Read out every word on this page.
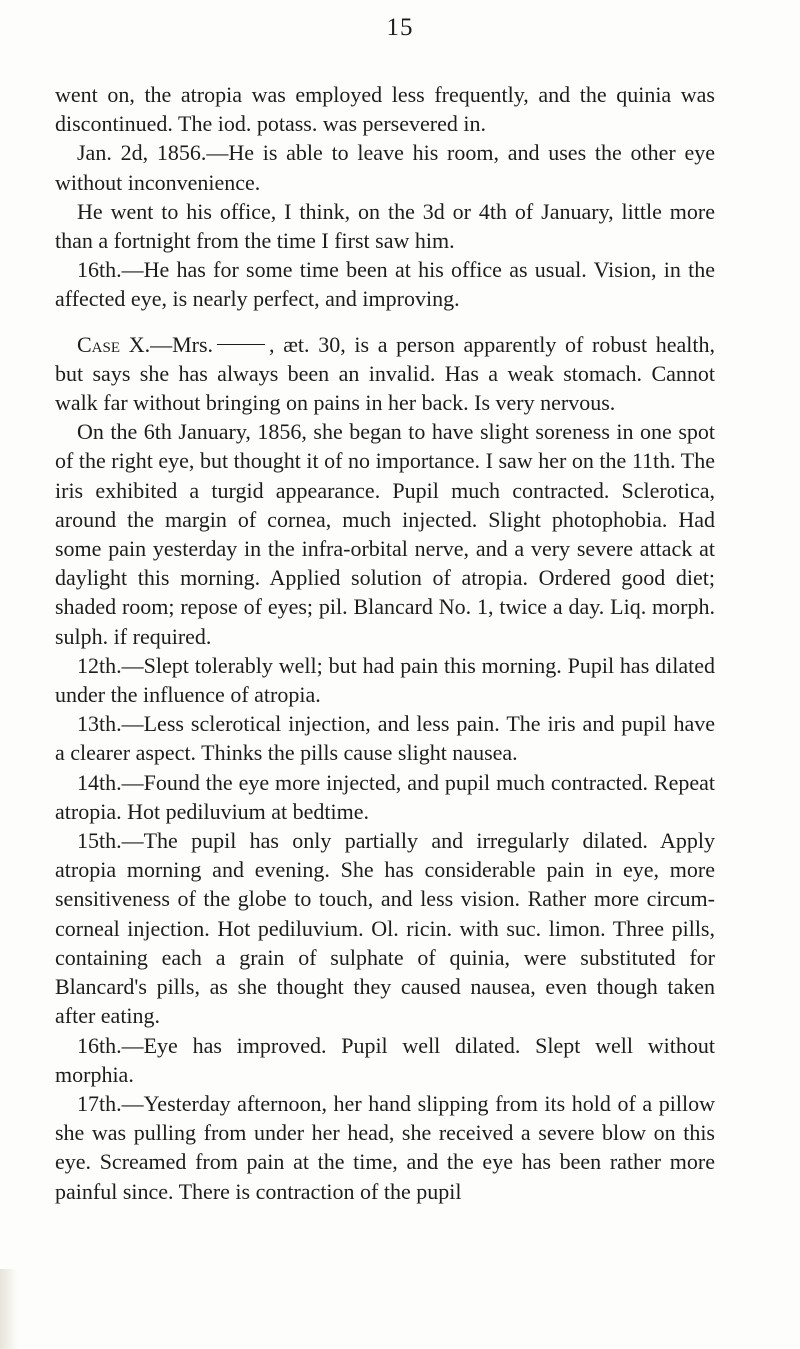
15

went on, the atropia was employed less frequently, and the quinia was discontinued. The iod. potass. was persevered in.

Jan. 2d, 1856.—He is able to leave his room, and uses the other eye without inconvenience.

He went to his office, I think, on the 3d or 4th of January, little more than a fortnight from the time I first saw him.

16th.—He has for some time been at his office as usual. Vision, in the affected eye, is nearly perfect, and improving.

Case X.—Mrs.	, æt. 30, is a person apparently of robust health, but says she has always been an invalid. Has a weak stomach. Cannot walk far without bringing on pains in her back. Is very nervous.

On the 6th January, 1856, she began to have slight soreness in one spot of the right eye, but thought it of no importance. I saw her on the 11th. The iris exhibited a turgid appearance. Pupil much contracted. Sclerotica, around the margin of cornea, much injected. Slight photophobia. Had some pain yesterday in the infra-orbital nerve, and a very severe attack at daylight this morning. Applied solution of atropia. Ordered good diet; shaded room; repose of eyes; pil. Blancard No. 1, twice a day. Liq. morph. sulph. if required.

12th.—Slept tolerably well; but had pain this morning. Pupil has dilated under the influence of atropia.

13th.—Less sclerotical injection, and less pain. The iris and pupil have a clearer aspect. Thinks the pills cause slight nausea.

14th.—Found the eye more injected, and pupil much contracted. Repeat atropia. Hot pediluvium at bedtime.

15th.—The pupil has only partially and irregularly dilated. Apply atropia morning and evening. She has considerable pain in eye, more sensitiveness of the globe to touch, and less vision. Rather more circum-corneal injection. Hot pediluvium. Ol. ricin. with suc. limon. Three pills, containing each a grain of sulphate of quinia, were substituted for Blancard's pills, as she thought they caused nausea, even though taken after eating.

16th.—Eye has improved. Pupil well dilated. Slept well without morphia.

17th.—Yesterday afternoon, her hand slipping from its hold of a pillow she was pulling from under her head, she received a severe blow on this eye. Screamed from pain at the time, and the eye has been rather more painful since. There is contraction of the pupil
